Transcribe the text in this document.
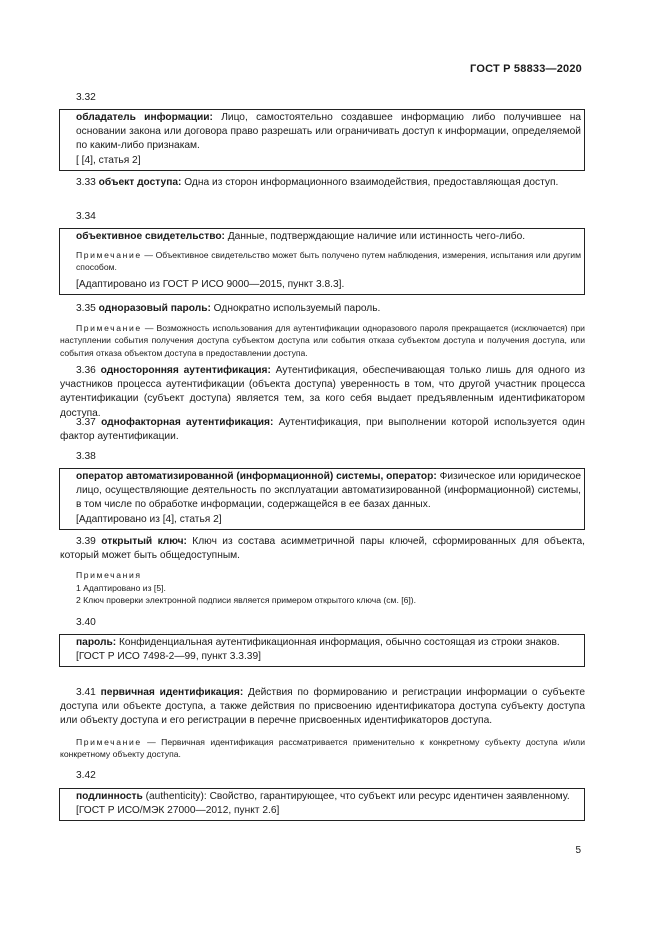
ГОСТ Р 58833—2020
3.32

обладатель информации: Лицо, самостоятельно создавшее информацию либо получившее на основании закона или договора право разрешать или ограничивать доступ к информации, определяемой по каким-либо признакам.

[ [4], статья 2]

3.33 объект доступа: Одна из сторон информационного взаимодействия, предоставляющая доступ.
3.34

объективное свидетельство: Данные, подтверждающие наличие или истинность чего-либо.

Примечание — Объективное свидетельство может быть получено путем наблюдения, измерения, испытания или другим способом.

[Адаптировано из ГОСТ Р ИСО 9000—2015, пункт 3.8.3].

3.35 одноразовый пароль: Однократно используемый пароль.

Примечание — Возможность использования для аутентификации одноразового пароля прекращается (исключается) при наступлении события получения доступа субъектом доступа или события отказа субъектом доступа и получения доступа, или события отказа объектом доступа в предоставлении доступа.

3.36 односторонняя аутентификация: Аутентификация, обеспечивающая только лишь для одного из участников процесса аутентификации (объекта доступа) уверенность в том, что другой участник процесса аутентификации (субъект доступа) является тем, за кого себя выдает предъявленным идентификатором доступа.
3.37 однофакторная аутентификация: Аутентификация, при выполнении которой используется один фактор аутентификации.
3.38

оператор автоматизированной (информационной) системы, оператор: Физическое или юридическое лицо, осуществляющие деятельность по эксплуатации автоматизированной (информационной) системы, в том числе по обработке информации, содержащейся в ее базах данных.

[Адаптировано из [4], статья 2]

3.39 открытый ключ: Ключ из состава асимметричной пары ключей, сформированных для объекта, который может быть общедоступным.

Примечания

1 Адаптировано из [5].

2 Ключ проверки электронной подписи является примером открытого ключа (см. [6]).

3.40

пароль: Конфиденциальная аутентификационная информация, обычно состоящая из строки знаков.

[ГОСТ Р ИСО 7498-2—99, пункт 3.3.39]

3.41 первичная идентификация: Действия по формированию и регистрации информации о субъекте доступа или объекте доступа, а также действия по присвоению идентификатора доступа субъекту доступа или объекту доступа и его регистрации в перечне присвоенных идентификаторов доступа.

Примечание — Первичная идентификация рассматривается применительно к конкретному субъекту доступа и/или конкретному объекту доступа.

3.42

подлинность (authenticity): Свойство, гарантирующее, что субъект или ресурс идентичен заявленному.

[ГОСТ Р ИСО/МЭК 27000—2012, пункт 2.6]

5
